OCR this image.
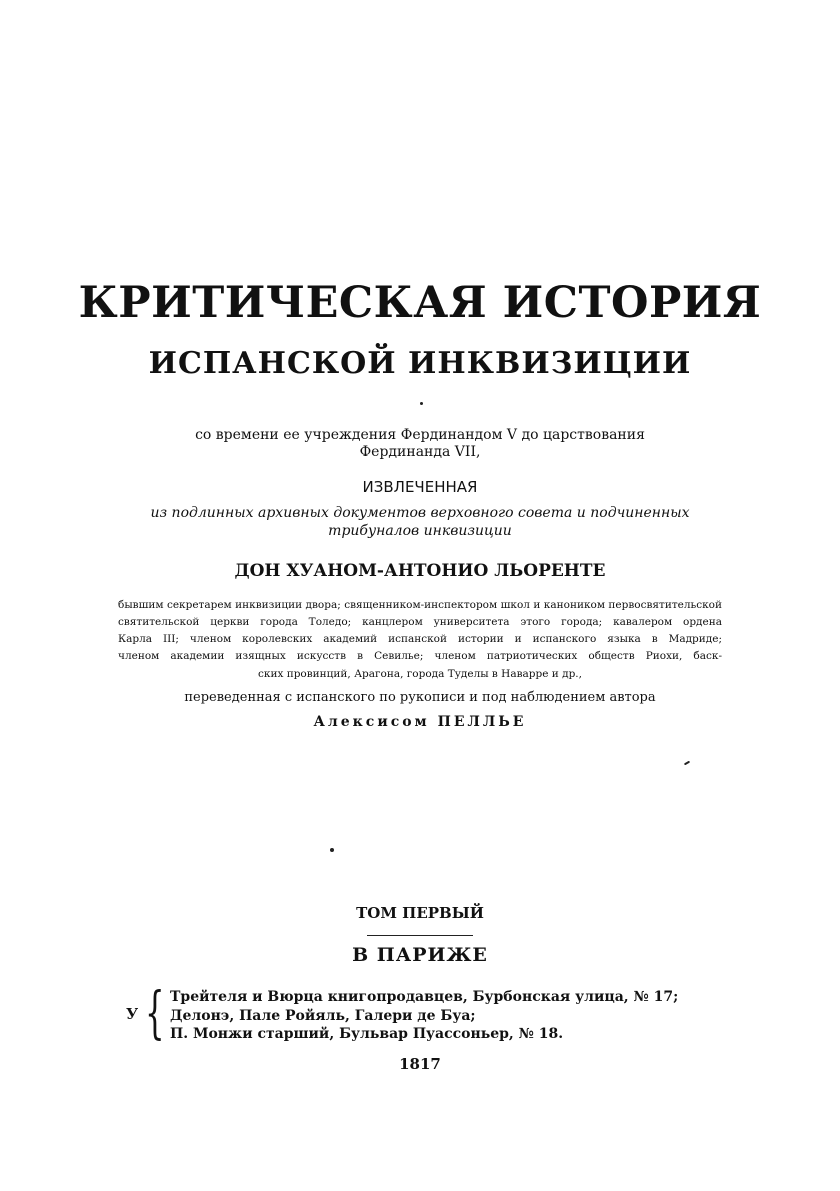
КРИТИЧЕСКАЯ ИСТОРИЯ
ИСПАНСКОЙ ИНКВИЗИЦИИ
со времени ее учреждения Фердинандом V до царствования
Фердинанда VII,
ИЗВЛЕЧЕННАЯ
из подлинных архивных документов верховного совета и подчиненных
трибуналов инквизиции
ДОН ХУАНОМ-АНТОНИО ЛЬОРЕНТЕ
бывшим секретарем инквизиции двора; священником-инспектором школ и каноником первосвятительской
святительской церкви города Толедо; канцлером университета этого города; кавалером ордена
Карла III; членом королевских академий испанской истории и испанского языка в Мадриде;
членом академии изящных искусств в Севилье; членом патриотических обществ Риохи, баск-
ских провинций, Арагона, города Туделы в Наварре и др.,
переведенная с испанского по рукописи и под наблюдением автора
Алексисом ПЕЛЛЬЕ
ТОМ ПЕРВЫЙ
В ПАРИЖЕ
У { Трейтеля и Вюрца книгопродавцев, Бурбонская улица, № 17;
Делонэ, Пале Ройяль, Галери де Буа;
П. Монжи старший, Бульвар Пуассоньер, № 18.
1817
